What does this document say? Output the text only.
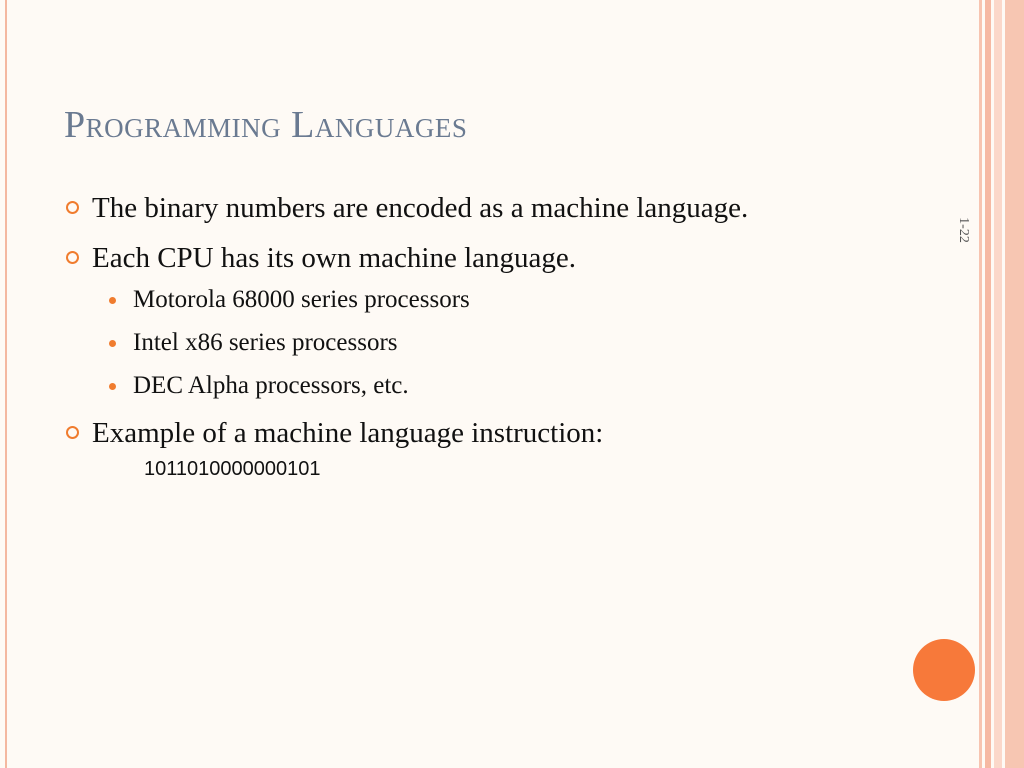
Programming Languages
The binary numbers are encoded as a machine language.
Each CPU has its own machine language.
Motorola 68000 series processors
Intel x86 series processors
DEC Alpha processors, etc.
Example of a machine language instruction:
1011010000000101
1-22
